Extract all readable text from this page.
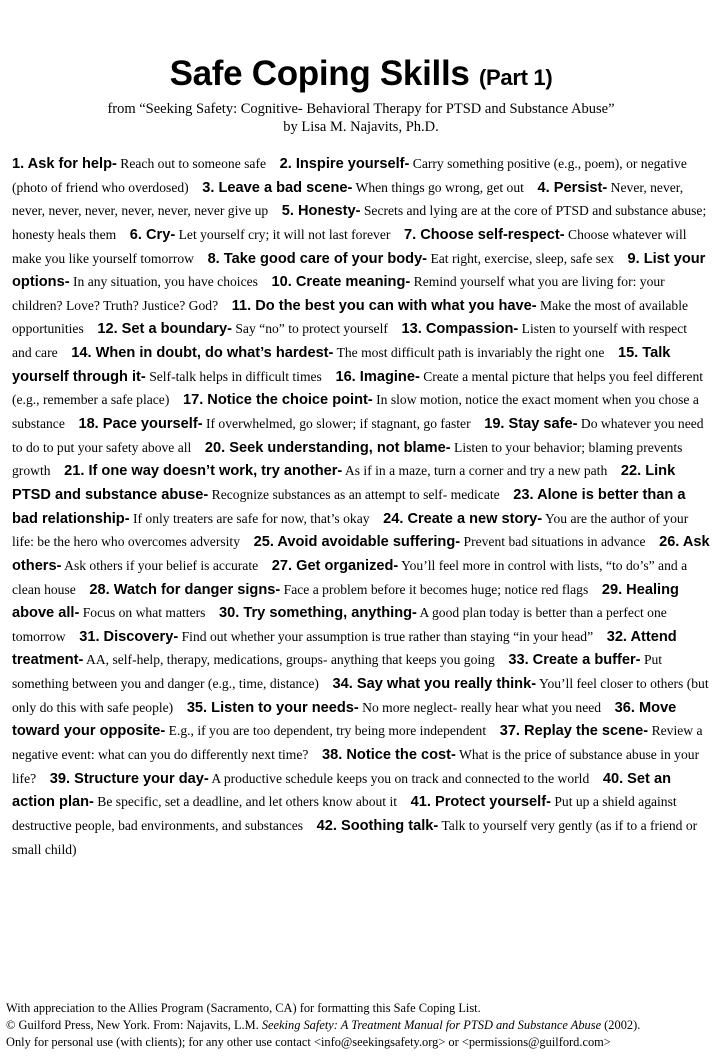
Safe Coping Skills (Part 1)
from “Seeking Safety: Cognitive- Behavioral Therapy for PTSD and Substance Abuse”
by Lisa M. Najavits, Ph.D.
1. Ask for help- Reach out to someone safe 2. Inspire yourself- Carry something positive (e.g., poem), or negative (photo of friend who overdosed) 3. Leave a bad scene- When things go wrong, get out 4. Persist- Never, never, never, never, never, never, never, never give up 5. Honesty- Secrets and lying are at the core of PTSD and substance abuse; honesty heals them 6. Cry- Let yourself cry; it will not last forever 7. Choose self-respect- Choose whatever will make you like yourself tomorrow 8. Take good care of your body- Eat right, exercise, sleep, safe sex 9. List your options- In any situation, you have choices 10. Create meaning- Remind yourself what you are living for: your children? Love? Truth? Justice? God? 11. Do the best you can with what you have- Make the most of available opportunities 12. Set a boundary- Say “no” to protect yourself 13. Compassion- Listen to yourself with respect and care 14. When in doubt, do what’s hardest- The most difficult path is invariably the right one 15. Talk yourself through it- Self-talk helps in difficult times 16. Imagine- Create a mental picture that helps you feel different (e.g., remember a safe place) 17. Notice the choice point- In slow motion, notice the exact moment when you chose a substance 18. Pace yourself- If overwhelmed, go slower; if stagnant, go faster 19. Stay safe- Do whatever you need to do to put your safety above all 20. Seek understanding, not blame- Listen to your behavior; blaming prevents growth 21. If one way doesn’t work, try another- As if in a maze, turn a corner and try a new path 22. Link PTSD and substance abuse- Recognize substances as an attempt to self- medicate 23. Alone is better than a bad relationship- If only treaters are safe for now, that’s okay 24. Create a new story- You are the author of your life: be the hero who overcomes adversity 25. Avoid avoidable suffering- Prevent bad situations in advance 26. Ask others- Ask others if your belief is accurate 27. Get organized- You’ll feel more in control with lists, “to do’s” and a clean house 28. Watch for danger signs- Face a problem before it becomes huge; notice red flags 29. Healing above all- Focus on what matters 30. Try something, anything- A good plan today is better than a perfect one tomorrow 31. Discovery- Find out whether your assumption is true rather than staying “in your head” 32. Attend treatment- AA, self-help, therapy, medications, groups- anything that keeps you going 33. Create a buffer- Put something between you and danger (e.g., time, distance) 34. Say what you really think- You’ll feel closer to others (but only do this with safe people) 35. Listen to your needs- No more neglect- really hear what you need 36. Move toward your opposite- E.g., if you are too dependent, try being more independent 37. Replay the scene- Review a negative event: what can you do differently next time? 38. Notice the cost- What is the price of substance abuse in your life? 39. Structure your day- A productive schedule keeps you on track and connected to the world 40. Set an action plan- Be specific, set a deadline, and let others know about it 41. Protect yourself- Put up a shield against destructive people, bad environments, and substances 42. Soothing talk- Talk to yourself very gently (as if to a friend or small child)
With appreciation to the Allies Program (Sacramento, CA) for formatting this Safe Coping List.
© Guilford Press, New York. From: Najavits, L.M. Seeking Safety: A Treatment Manual for PTSD and Substance Abuse (2002).
Only for personal use (with clients); for any other use contact <info@seekingsafety.org> or <permissions@guilford.com>
